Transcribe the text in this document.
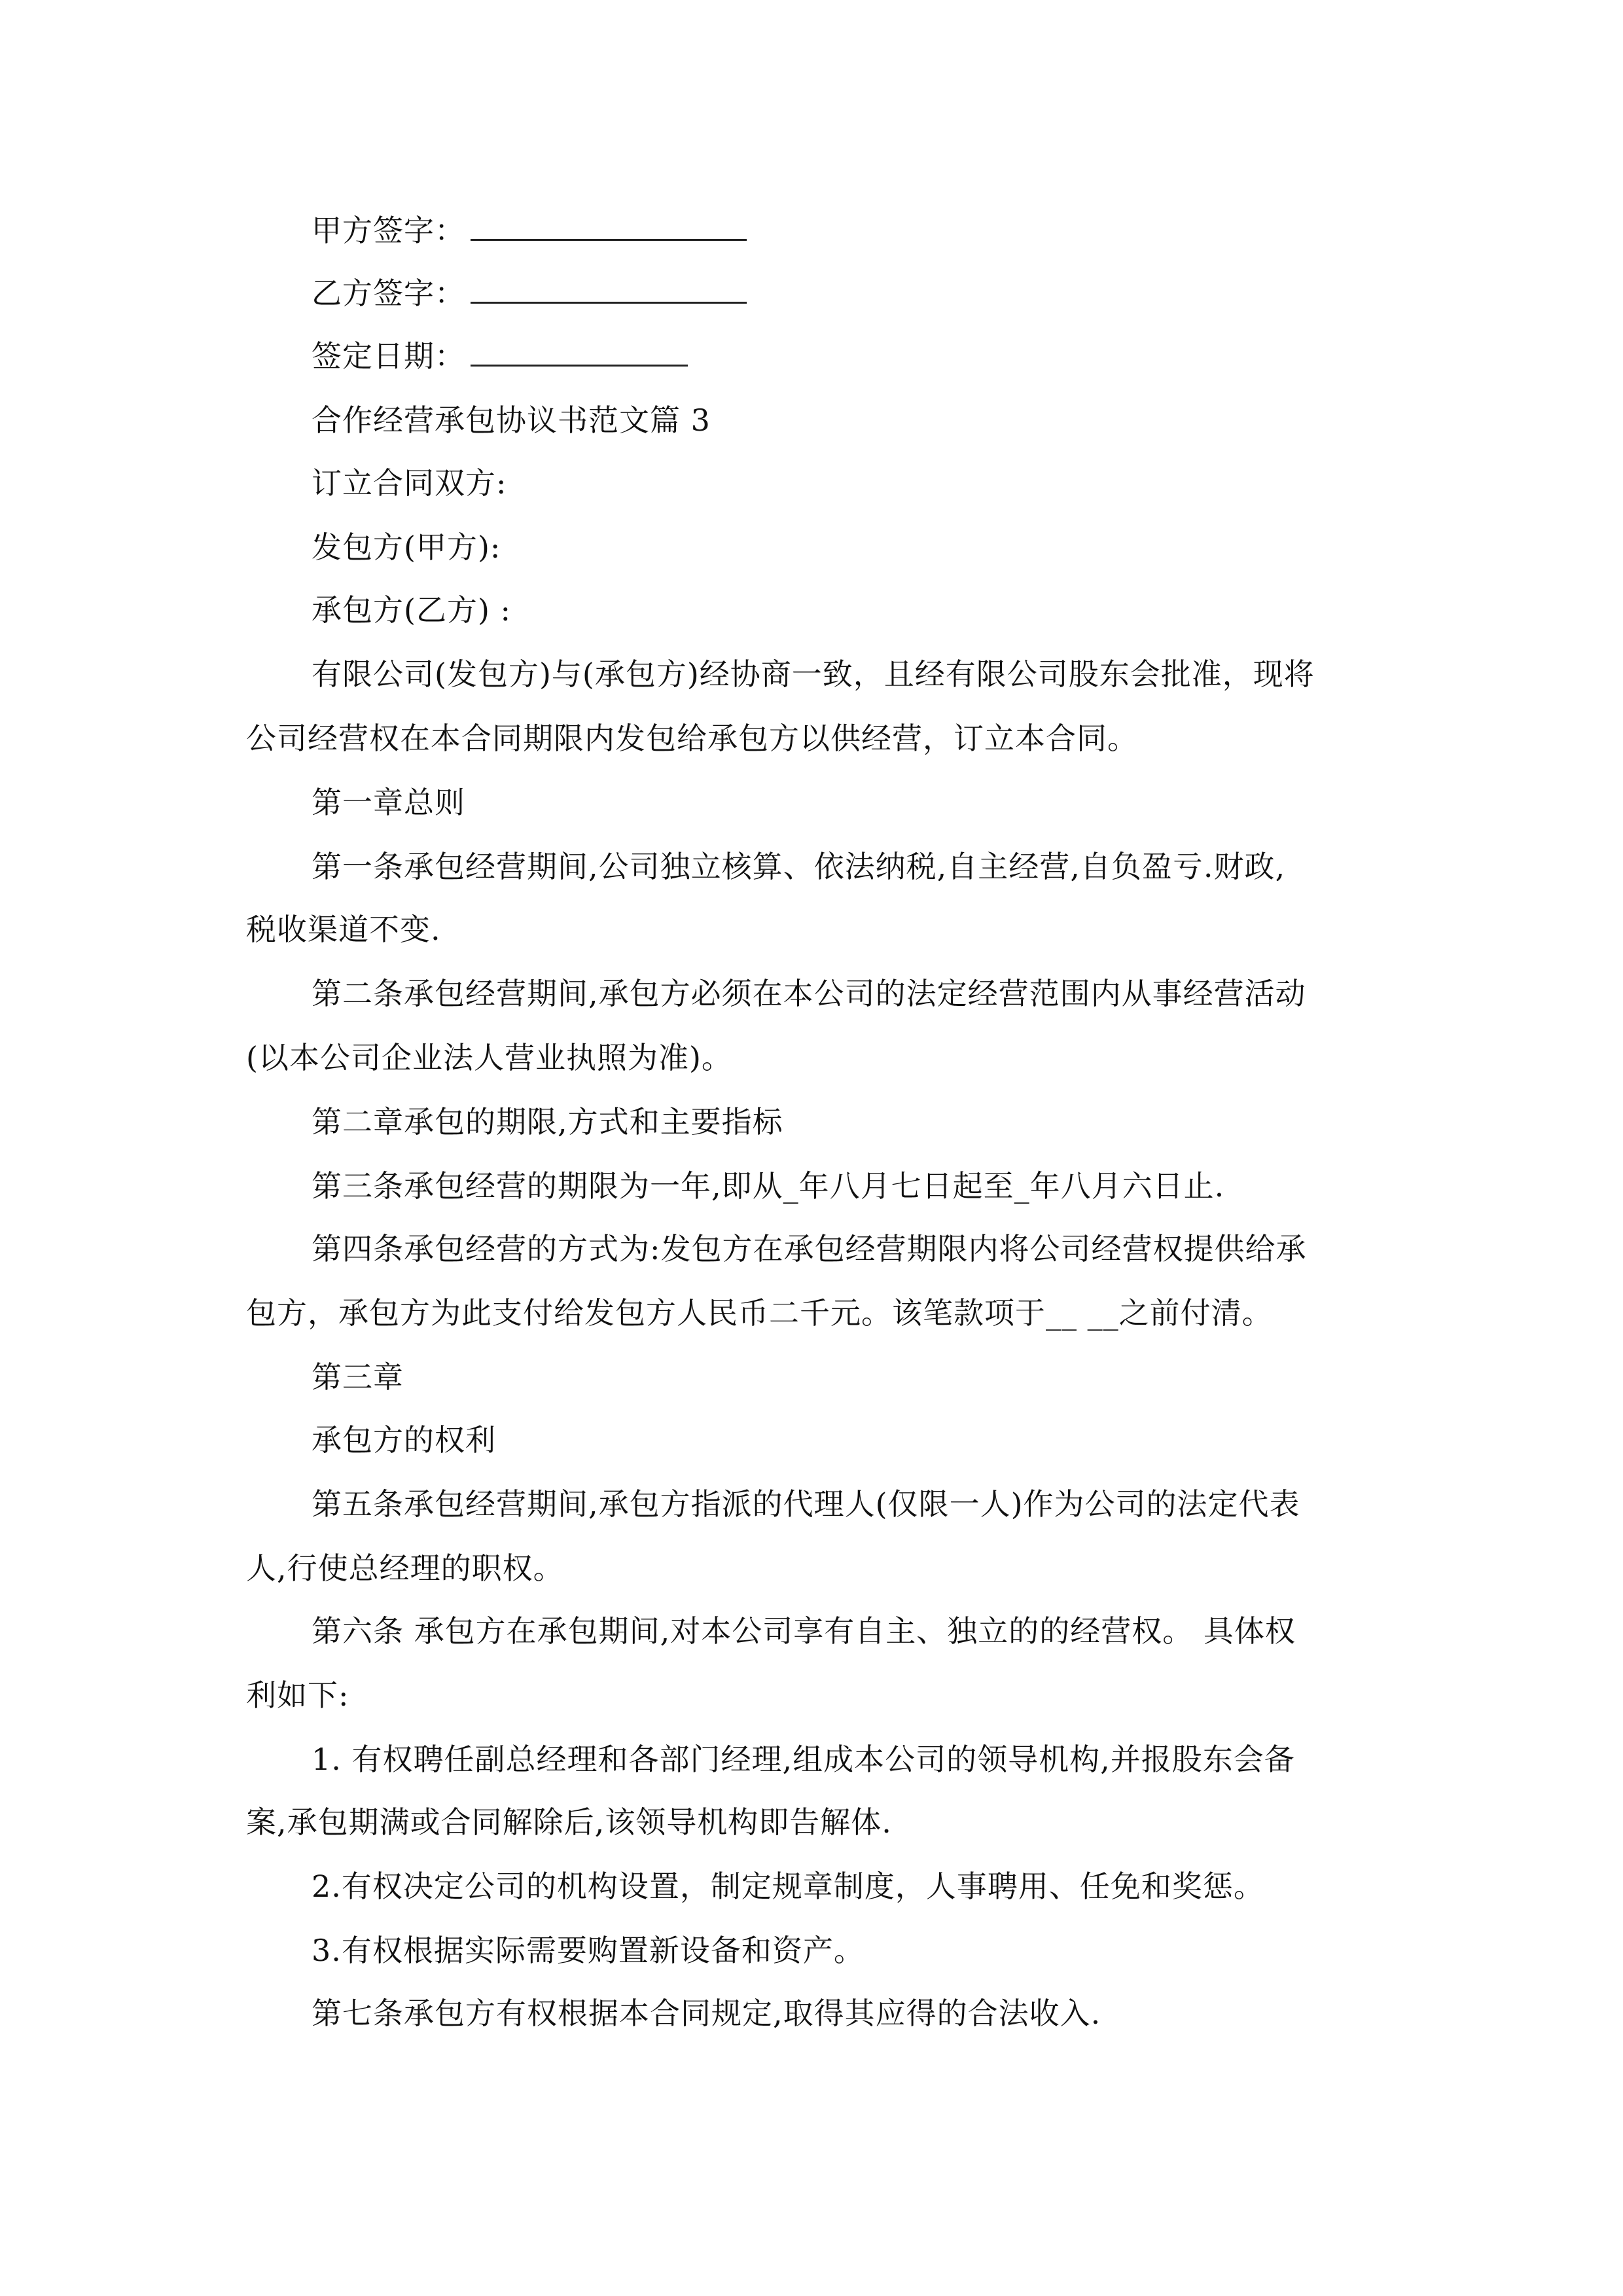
甲方签字：
乙方签字：
签定日期：
合作经营承包协议书范文篇 3
订立合同双方:
发包方(甲方):
承包方(乙方) :
有限公司(发包方)与(承包方)经协商一致，且经有限公司股东会批准，现将
公司经营权在本合同期限内发包给承包方以供经营，订立本合同。
第一章总则
第一条承包经营期间,公司独立核算、依法纳税,自主经营,自负盈亏.财政,
税收渠道不变.
第二条承包经营期间,承包方必须在本公司的法定经营范围内从事经营活动
(以本公司企业法人营业执照为准)。
第二章承包的期限,方式和主要指标
第三条承包经营的期限为一年,即从_年八月七日起至_年八月六日止.
第四条承包经营的方式为:发包方在承包经营期限内将公司经营权提供给承
包方，承包方为此支付给发包方人民币二千元。该笔款项于__ __之前付清。
第三章
承包方的权利
第五条承包经营期间,承包方指派的代理人(仅限一人)作为公司的法定代表
人,行使总经理的职权。
第六条 承包方在承包期间,对本公司享有自主、独立的的经营权。 具体权
利如下:
1. 有权聘任副总经理和各部门经理,组成本公司的领导机构,并报股东会备
案,承包期满或合同解除后,该领导机构即告解体.
2.有权决定公司的机构设置，制定规章制度，人事聘用、任免和奖惩。
3.有权根据实际需要购置新设备和资产。
第七条承包方有权根据本合同规定,取得其应得的合法收入.
